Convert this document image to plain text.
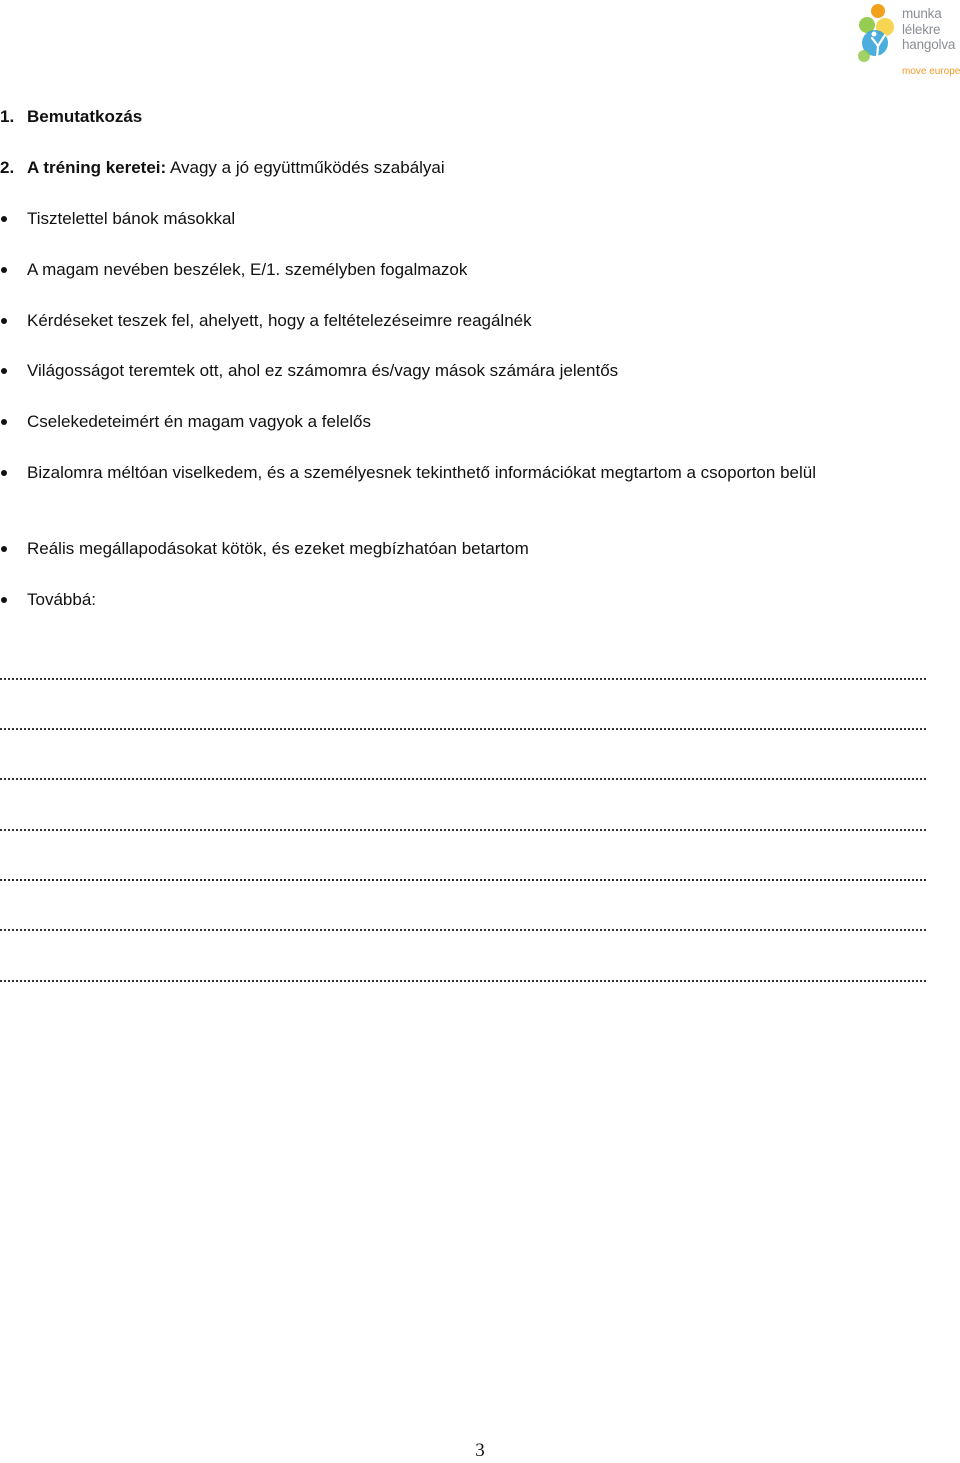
munka
lélekre
hangolva
move europe
1. Bemutatkozás
2. A tréning keretei: Avagy a jó együttműködés szabályai
Tisztelettel bánok másokkal
A magam nevében beszélek, E/1. személyben fogalmazok
Kérdéseket teszek fel, ahelyett, hogy a feltételezéseimre reagálnék
Világosságot teremtek ott, ahol ez számomra és/vagy mások számára jelentős
Cselekedeteimért én magam vagyok a felelős
Bizalomra méltóan viselkedem, és a személyesnek tekinthető információkat megtartom a csoporton belül
Reális megállapodásokat kötök, és ezeket megbízhatóan betartom
Továbbá:
3
